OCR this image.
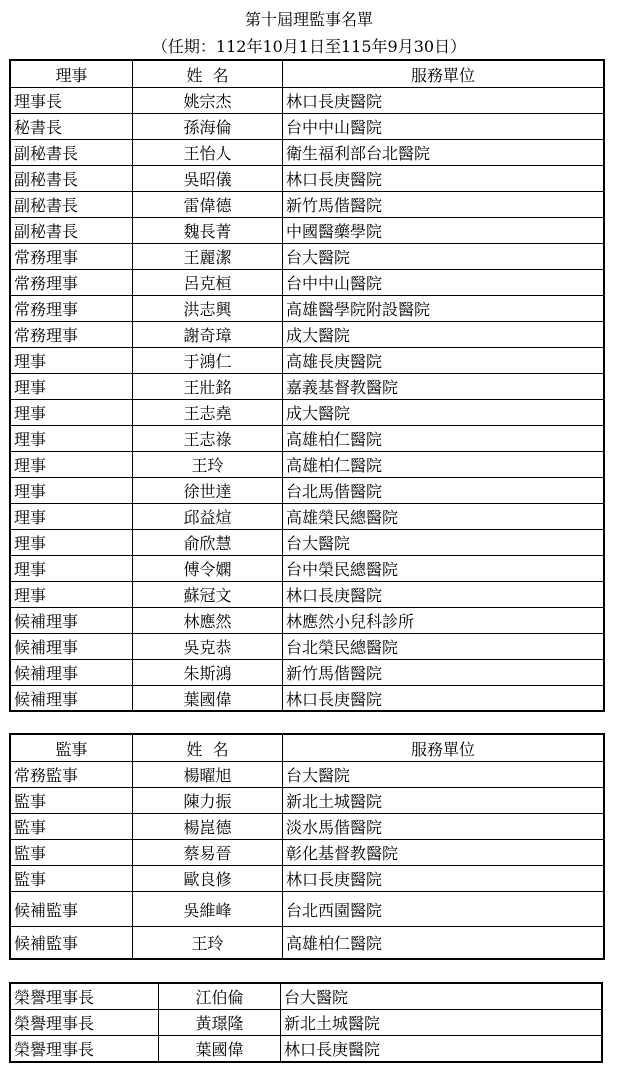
第十屆理監事名單
（任期：112年10月1日至115年9月30日）
理事	姓  名	服務單位
理事長	姚宗杰	林口長庚醫院
秘書長	孫海倫	台中中山醫院
副秘書長	王怡人	衛生福利部台北醫院
副秘書長	吳昭儀	林口長庚醫院
副秘書長	雷偉德	新竹馬偕醫院
副秘書長	魏長菁	中國醫藥學院
常務理事	王麗潔	台大醫院
常務理事	呂克桓	台中中山醫院
常務理事	洪志興	高雄醫學院附設醫院
常務理事	謝奇璋	成大醫院
理事	于鴻仁	高雄長庚醫院
理事	王壯銘	嘉義基督教醫院
理事	王志堯	成大醫院
理事	王志祿	高雄柏仁醫院
理事	王玲	高雄柏仁醫院
理事	徐世達	台北馬偕醫院
理事	邱益煊	高雄榮民總醫院
理事	俞欣慧	台大醫院
理事	傅令嫻	台中榮民總醫院
理事	蘇冠文	林口長庚醫院
候補理事	林應然	林應然小兒科診所
候補理事	吳克恭	台北榮民總醫院
候補理事	朱斯鴻	新竹馬偕醫院
候補理事	葉國偉	林口長庚醫院
監事	姓  名	服務單位
常務監事	楊曜旭	台大醫院
監事	陳力振	新北土城醫院
監事	楊崑德	淡水馬偕醫院
監事	蔡易晉	彰化基督教醫院
監事	歐良修	林口長庚醫院
候補監事	吳維峰	台北西園醫院
候補監事	王玲	高雄柏仁醫院
榮譽理事長	江伯倫	台大醫院
榮譽理事長	黃璟隆	新北土城醫院
榮譽理事長	葉國偉	林口長庚醫院
